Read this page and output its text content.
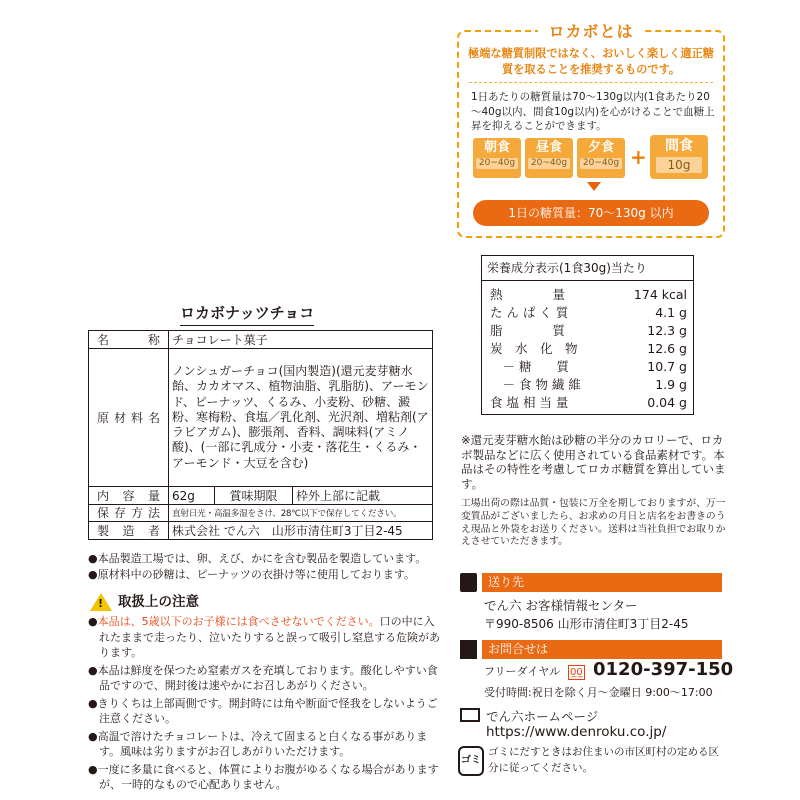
ロカボとは
極端な糖質制限ではなく、おいしく楽しく適正糖質を取ることを推奨するものです。
1日あたりの糖質量は70～130g以内(1食あたり20～40g以内、間食10g以内)を心がけることで血糖上昇を抑えることができます。
朝食
20~40g
昼食
20~40g
夕食
20~40g +	間食
10g
1日の糖質量：70～130g 以内
栄養成分表示(1食30g)当たり
熱　　　　量	174 kcal
た ん ぱ く 質	4.1 g
脂　　　　質	12.3 g
炭　水　化　物	12.6 g
　－ 糖　　質	10.7 g
　－ 食 物 繊 維	1.9 g
食 塩 相 当 量	0.04 g
※還元麦芽糖水飴は砂糖の半分のカロリーで、ロカボ製品などに広く使用されている食品素材です。本品はその特性を考慮してロカボ糖質を算出しています。
工場出荷の際は品質・包装に万全を期しておりますが、万一変質品がございましたら、お求めの月日と店名をお書きのうえ現品と外袋をお送りください。送料は当社負担でお取りかえさせていただきます。
送り先
でん六 お客様情報センター
〒990-8506 山形市清住町3丁目2-45
お問合せは
フリーダイヤル 0̲0̲ 0120-397-150
受付時間:祝日を除く月～金曜日 9:00～17:00
でん六ホームページ
https://www.denroku.co.jp/
ゴミ
ゴミにだすときはお住まいの市区町村の定める区分に従ってください。
ロカボナッツチョコ
名　　称	チョコレート菓子		
原材料名	ノンシュガーチョコ(国内製造)(還元麦芽糖水飴、カカオマス、植物油脂、乳脂肪)、アーモンド、ピーナッツ、くるみ、小麦粉、砂糖、澱粉、寒梅粉、食塩／乳化剤、光沢剤、増粘剤(アラビアガム)、膨張剤、香料、調味料(アミノ酸)、(一部に乳成分・小麦・落花生・くるみ・アーモンド・大豆を含む)		
内 容 量	62g	賞味期限	枠外上部に記載
保存方法	直射日光・高温多湿をさけ、28℃以下で保存してください。		
製 造 者	株式会社 でん六　山形市清住町3丁目2-45		
●本品製造工場では、卵、えび、かにを含む製品を製造しています。
●原材料中の砂糖は、ピーナッツの衣掛け等に使用しております。
! 取扱上の注意
●本品は、5歳以下のお子様には食べさせないでください。口の中に入れたままで走ったり、泣いたりすると誤って吸引し窒息する危険があります。
●本品は鮮度を保つため窒素ガスを充填しております。酸化しやすい食品ですので、開封後は速やかにお召しあがりください。
●きりくちは上部両側です。開封時には角や断面で怪我をしないようご注意ください。
●高温で溶けたチョコレートは、冷えて固まると白くなる事があります。風味は劣りますがお召しあがりいただけます。
●一度に多量に食べると、体質によりお腹がゆるくなる場合がありますが、一時的なもので心配ありません。
